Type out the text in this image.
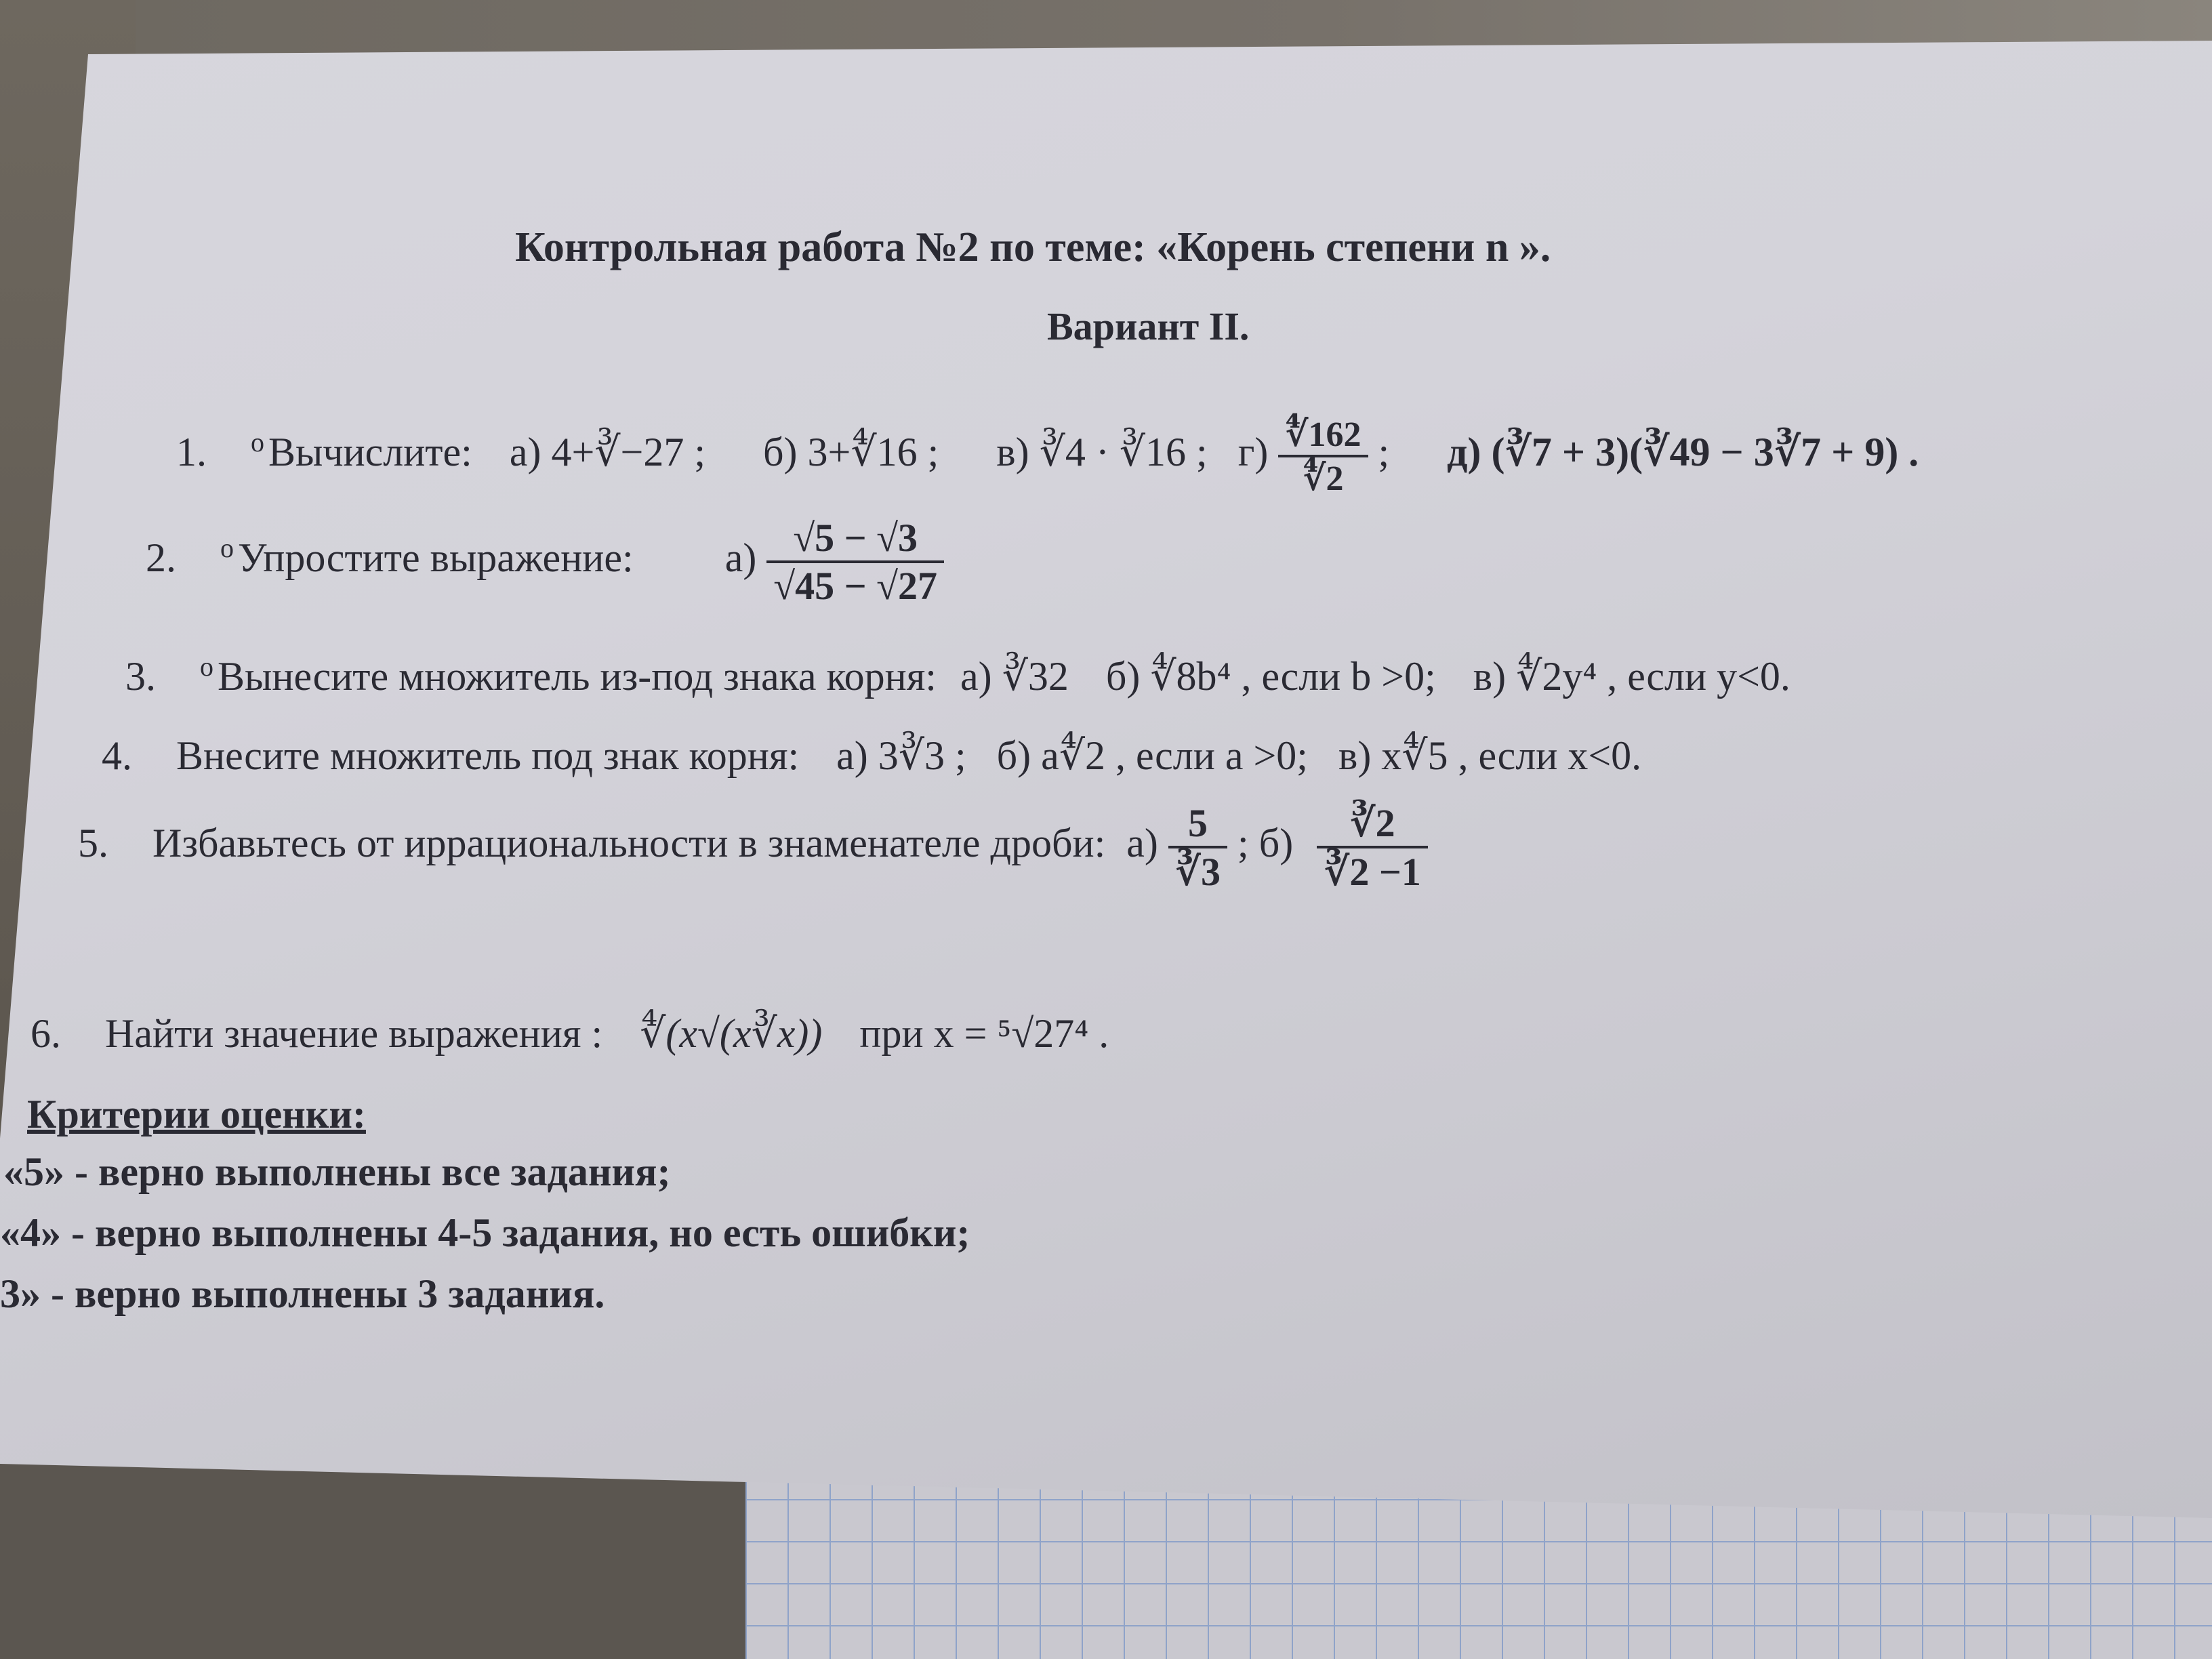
Контрольная работа №2 по теме: «Корень степени n ».
Вариант II.
1. $^o$ Вычислите: а) 4+∛−27 ; б) 3+∜16 ; в) ∛4 · ∛16 ; $г) \frac{∜162}{∜2}$ ; д) (∛7 + 3)(∛49 − 3∛7 + 9) .
2. $^o$ Упростите выражение: $а) \frac{√5 - √3}{√45 - √27}$
3. $^o$ Вынесите множитель из-под знака корня: а) ∛32 б) ∜8b⁴ , если b >0; в) ∜2y⁴ , если y<0.
4. Внесите множитель под знак корня: а) 3∛3 ; б) a∜2 , если a >0; в) x∜5 , если x<0.
5. Избавьтесь от иррациональности в знаменателе дроби: $а) \frac{5}{∛3}$ ; $б) \frac{∛2}{∛2 -1}$
6. Найти значение выражения : ∜(x√(x∛x)) при x = ⁵√27⁴ .
Критерии оценки:
«5» - верно выполнены все задания;
«4» - верно выполнены 4-5 задания, но есть ошибки;
3» - верно выполнены 3 задания.
